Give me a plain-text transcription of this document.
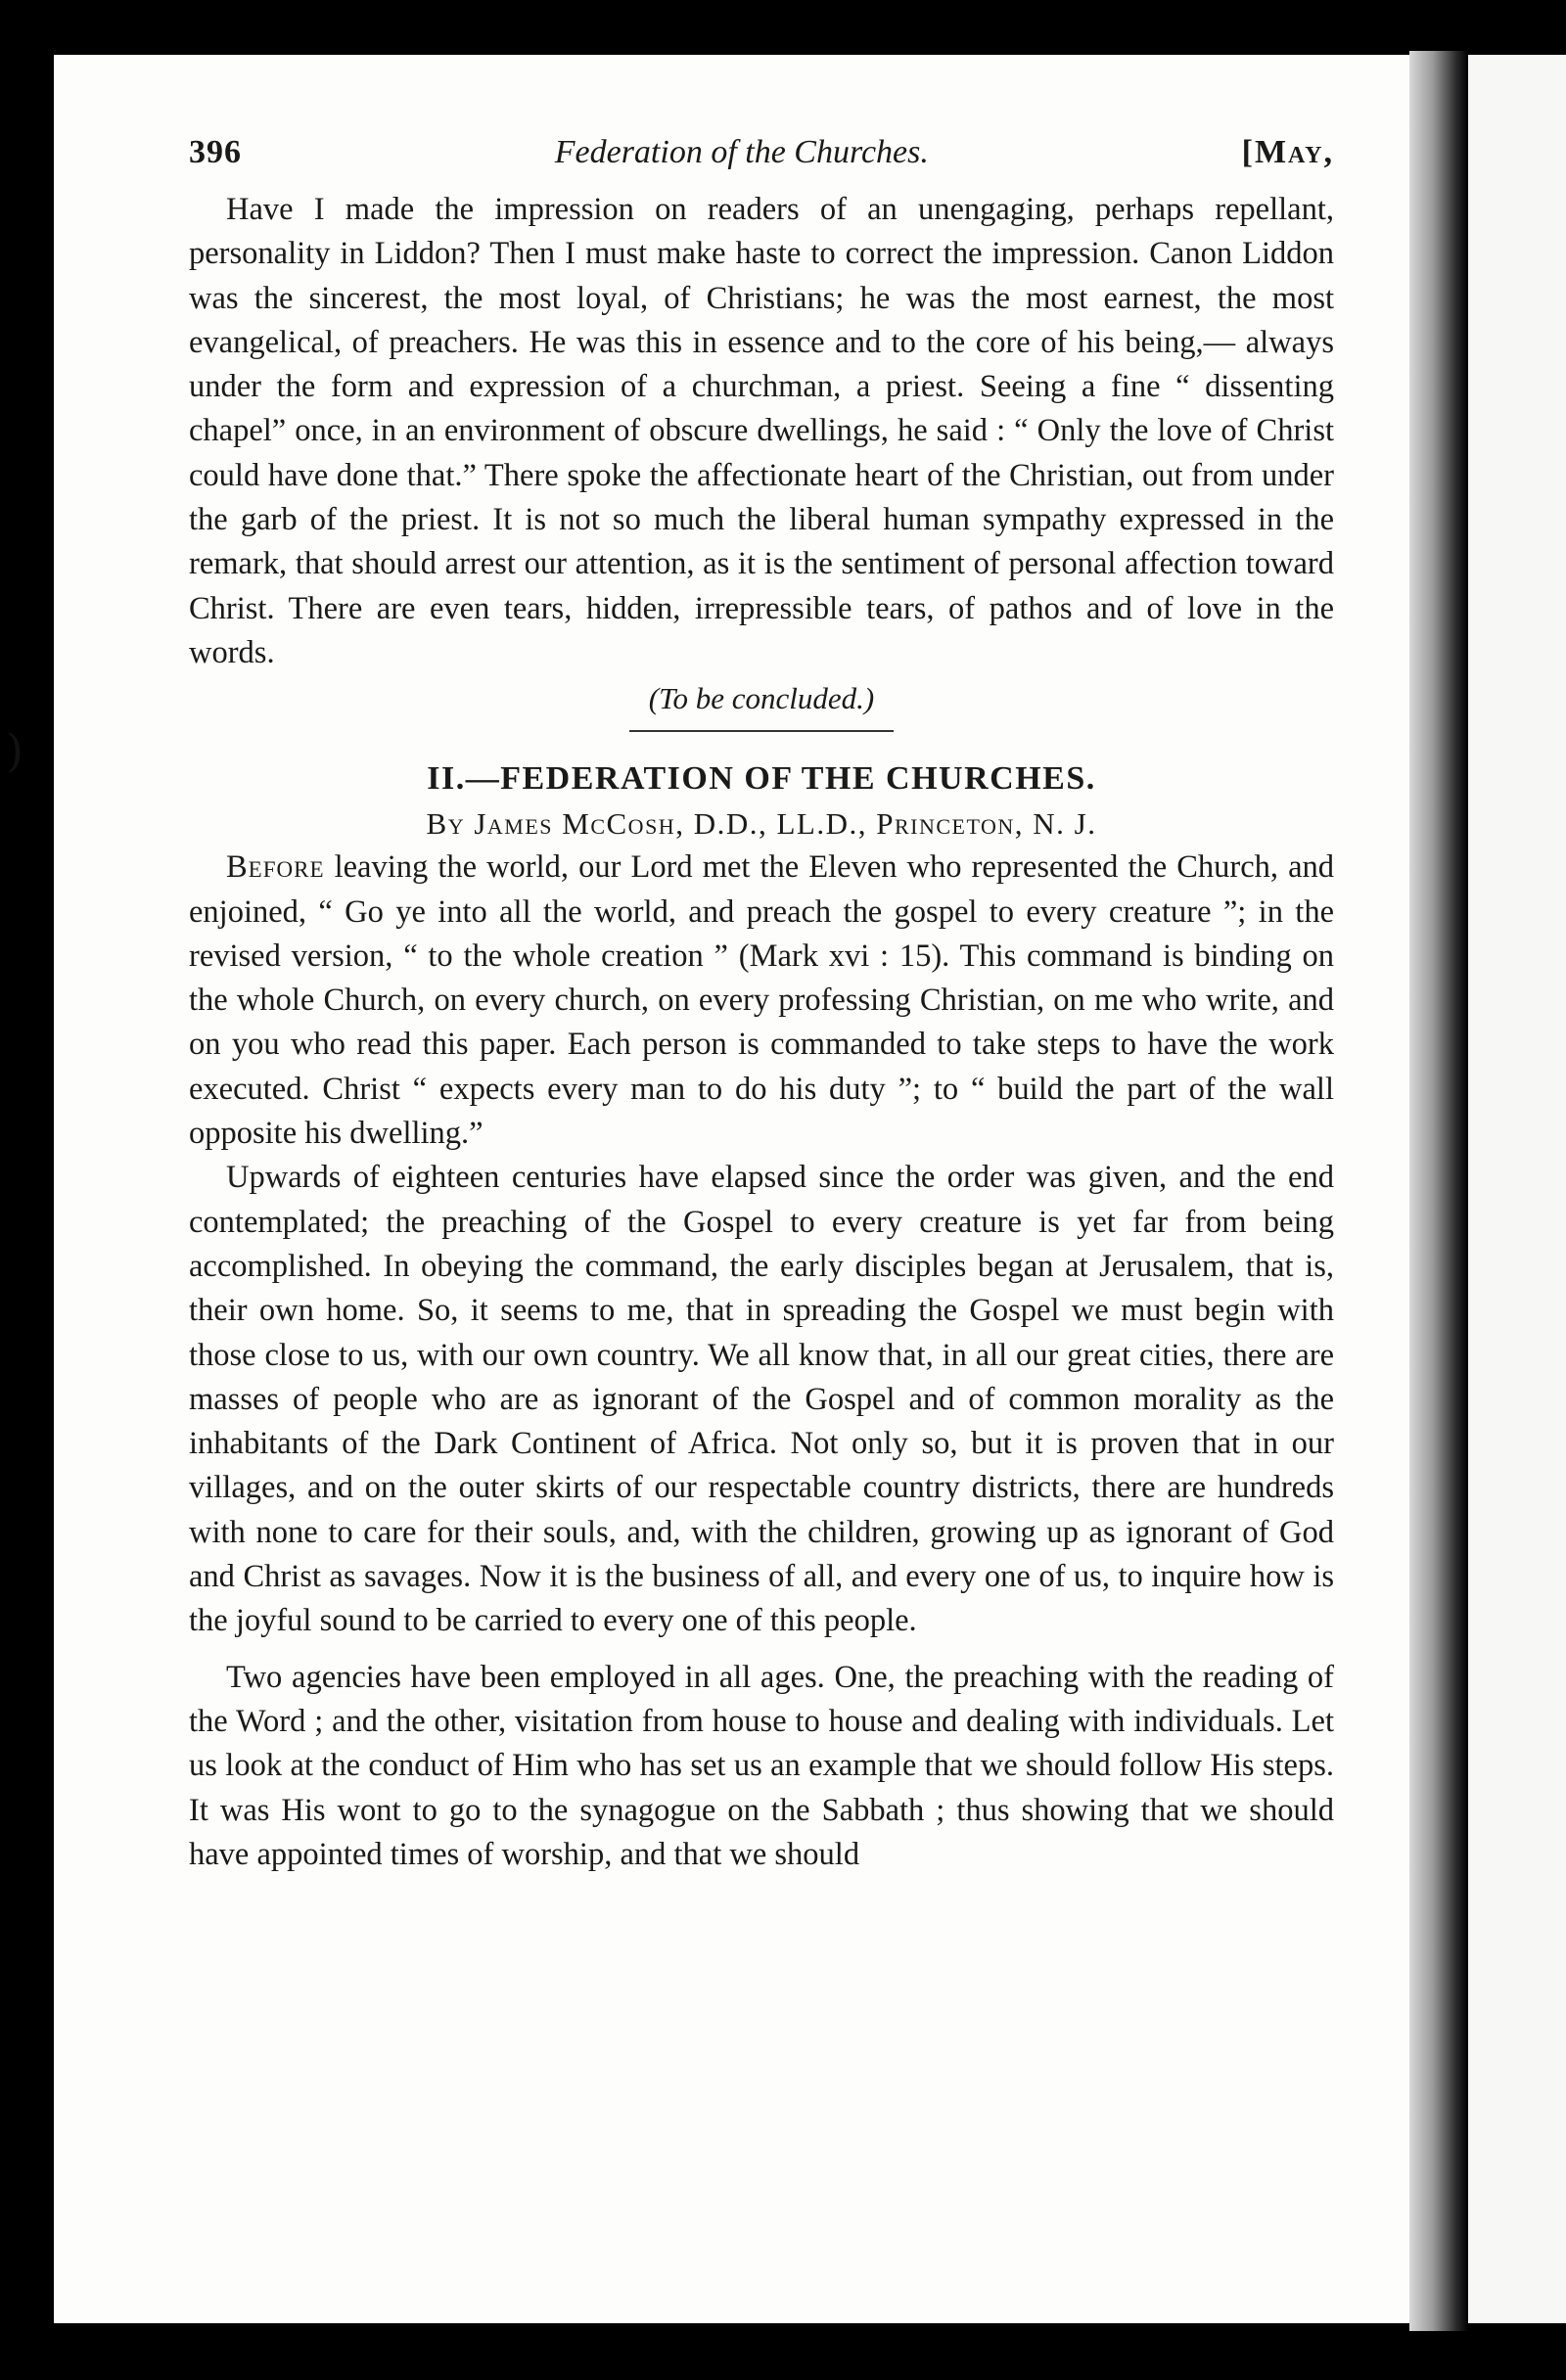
)
396	Federation of the Churches.	[May,

Have I made the impression on readers of an unengaging, perhaps repellant, personality in Liddon? Then I must make haste to correct the impression. Canon Liddon was the sincerest, the most loyal, of Christians; he was the most earnest, the most evangelical, of preachers. He was this in essence and to the core of his being,— always under the form and expression of a churchman, a priest. Seeing a fine “ dissenting chapel” once, in an environment of obscure dwellings, he said : “ Only the love of Christ could have done that.” There spoke the affectionate heart of the Christian, out from under the garb of the priest. It is not so much the liberal human sympathy expressed in the remark, that should arrest our attention, as it is the sentiment of personal affection toward Christ. There are even tears, hidden, irrepressible tears, of pathos and of love in the words.

(To be concluded.)
II.—FEDERATION OF THE CHURCHES.
By James McCosh, D.D., LL.D., Princeton, N. J.

Before leaving the world, our Lord met the Eleven who represented the Church, and enjoined, “ Go ye into all the world, and preach the gospel to every creature ”; in the revised version, “ to the whole creation ” (Mark xvi : 15). This command is binding on the whole Church, on every church, on every professing Christian, on me who write, and on you who read this paper. Each person is commanded to take steps to have the work executed. Christ “ expects every man to do his duty ”; to “ build the part of the wall opposite his dwelling.”

Upwards of eighteen centuries have elapsed since the order was given, and the end contemplated; the preaching of the Gospel to every creature is yet far from being accomplished. In obeying the command, the early disciples began at Jerusalem, that is, their own home. So, it seems to me, that in spreading the Gospel we must begin with those close to us, with our own country. We all know that, in all our great cities, there are masses of people who are as ignorant of the Gospel and of common morality as the inhabitants of the Dark Continent of Africa. Not only so, but it is proven that in our villages, and on the outer skirts of our respectable country districts, there are hundreds with none to care for their souls, and, with the children, growing up as ignorant of God and Christ as savages. Now it is the business of all, and every one of us, to inquire how is the joyful sound to be carried to every one of this people.

Two agencies have been employed in all ages. One, the preaching with the reading of the Word ; and the other, visitation from house to house and dealing with individuals. Let us look at the conduct of Him who has set us an example that we should follow His steps. It was His wont to go to the synagogue on the Sabbath ; thus showing that we should have appointed times of worship, and that we should
